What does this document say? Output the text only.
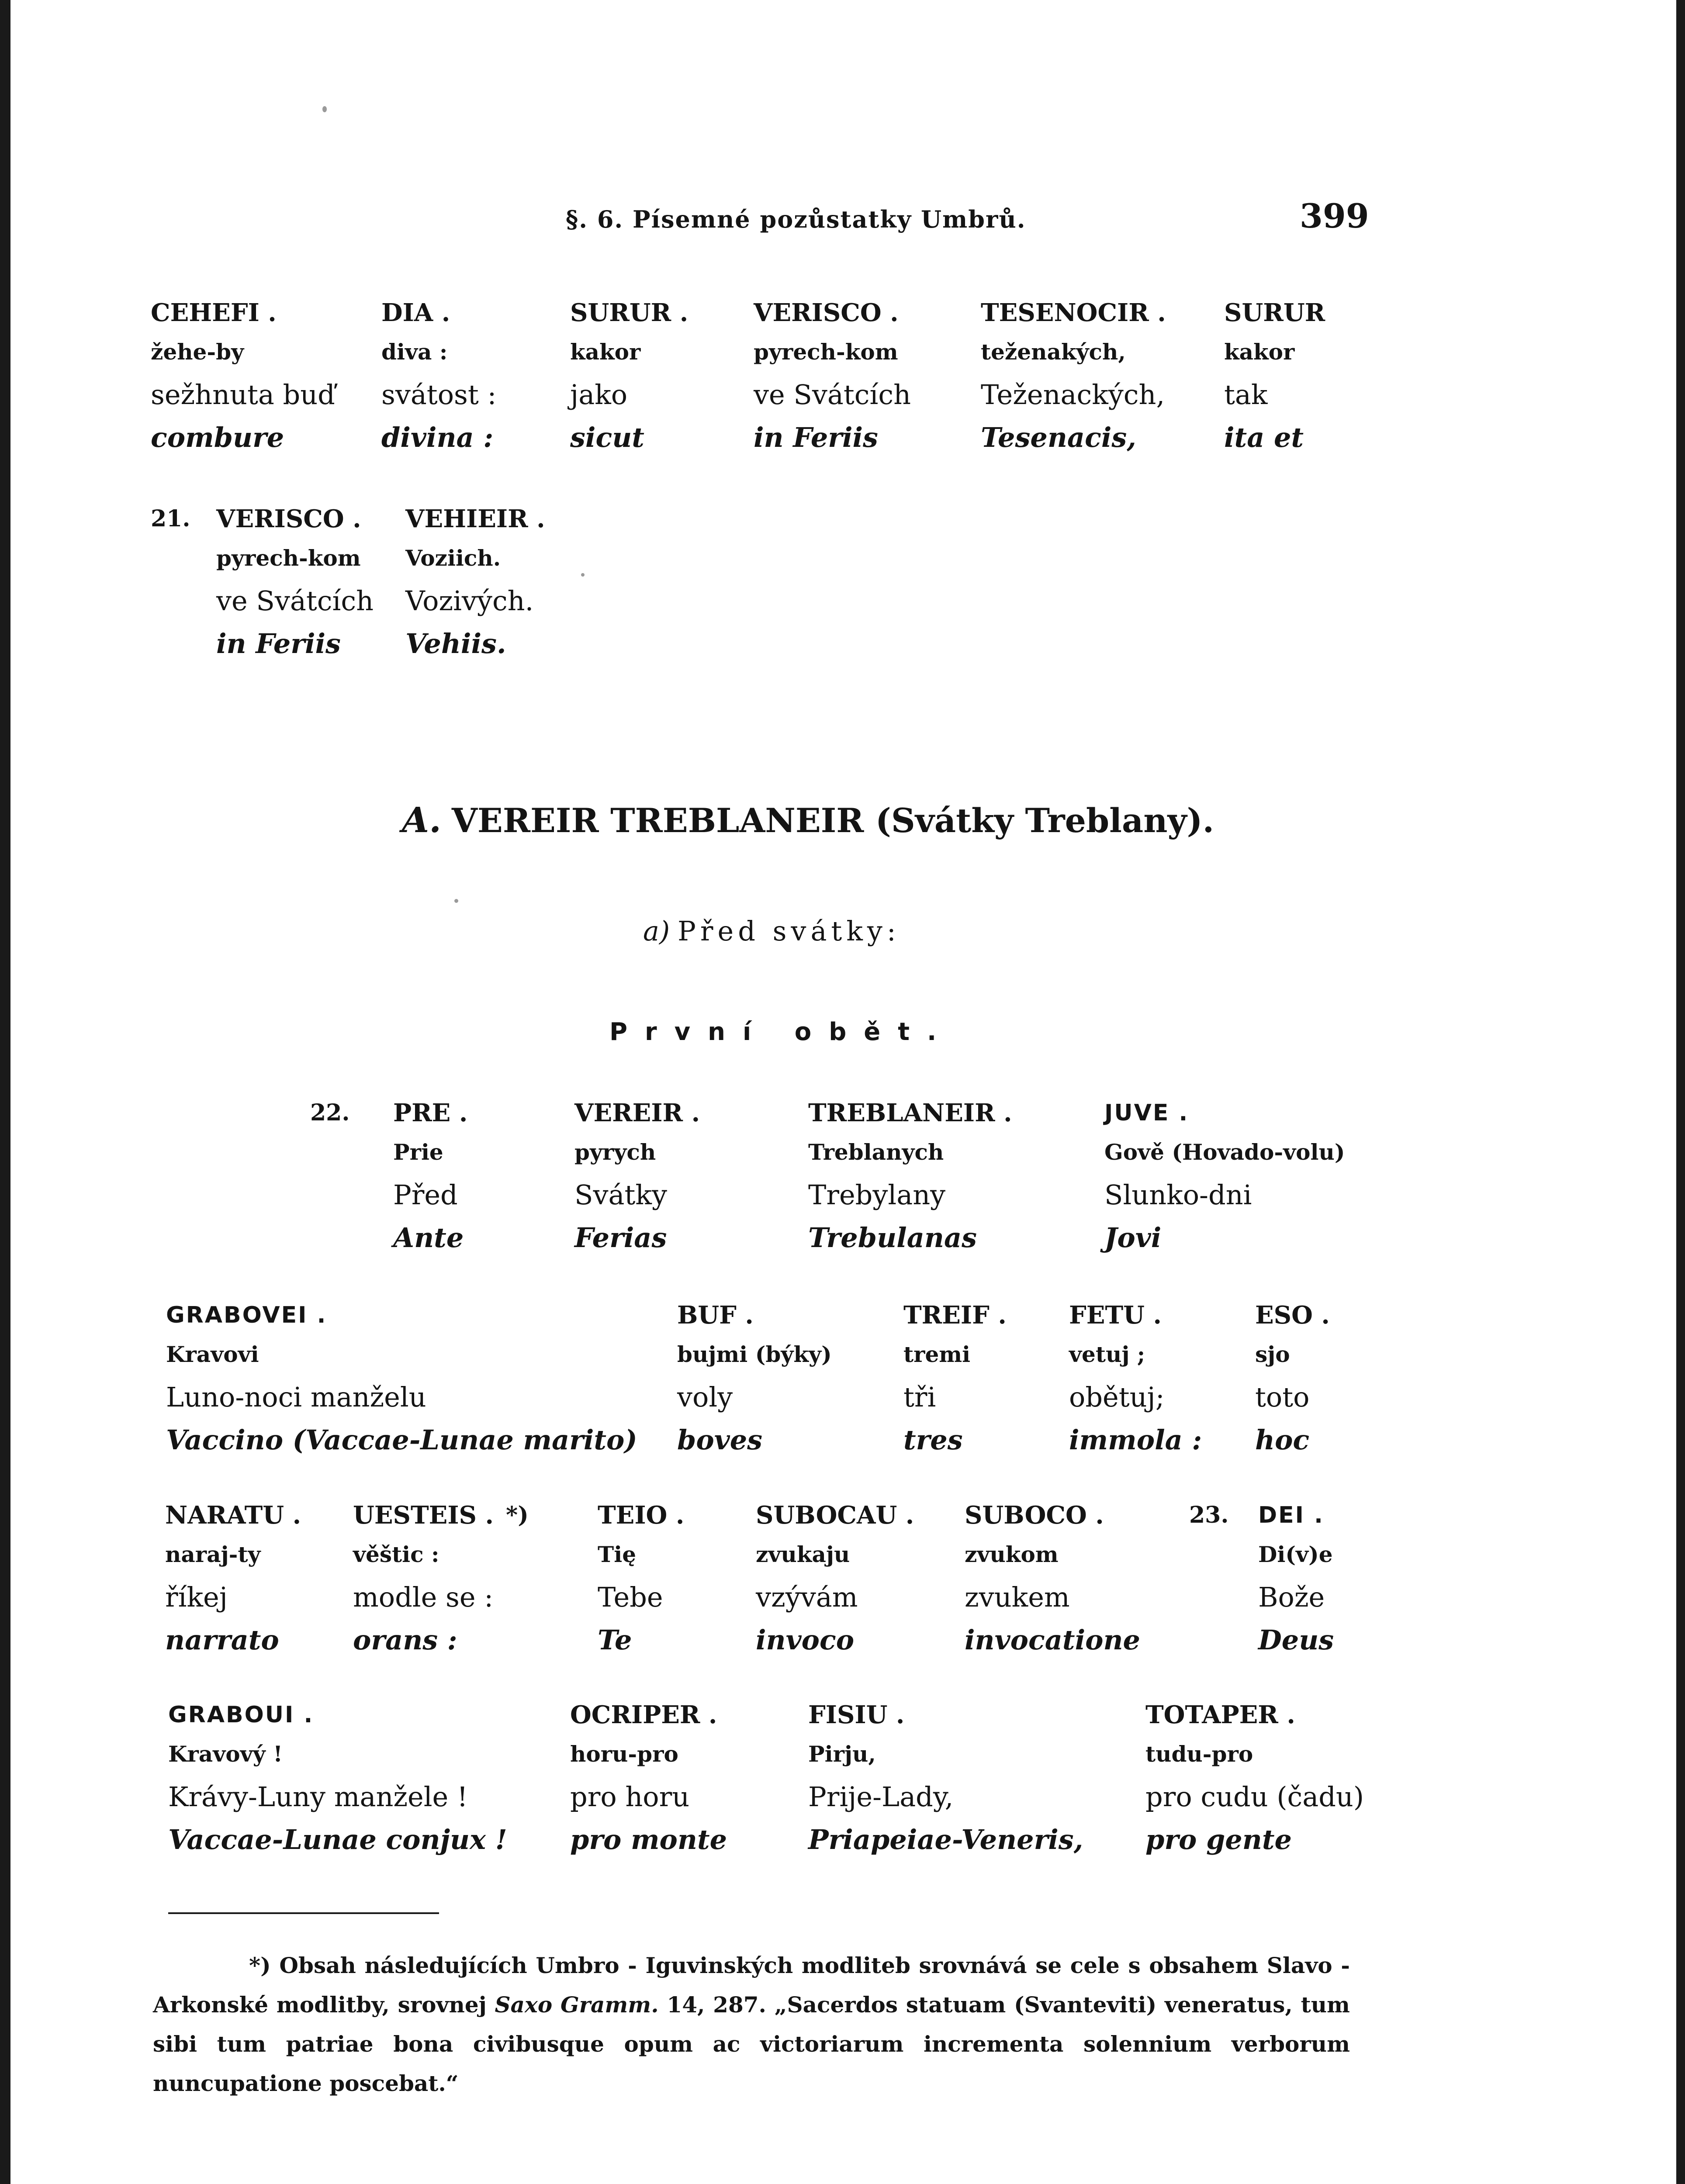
§. 6. Písemné pozůstatky Umbrů.	399
CEHEFI .
žehe-by
sežhnuta buď
combure
DIA .
diva :
svátost :
divina :
SURUR .
kakor
jako
sicut
VERISCO .
pyrech-kom
ve Svátcích
in Feriis
TESENOCIR .
teženakých,
Teženackých,
Tesenacis,
SURUR
kakor
tak
ita et
21. VERISCO .
pyrech-kom
ve Svátcích
in Feriis
VEHIEIR .
Voziich.
Vozivých.
Vehiis.
A. VEREIR TREBLANEIR (Svátky Treblany).
a) Před svátky:
První obět.
22. PRE .
Prie
Před
Ante
VEREIR .
pyrych
Svátky
Ferias
TREBLANEIR .
Treblanych
Trebylany
Trebulanas
JUVE .
Gově (Hovado-volu)
Slunko-dni
Jovi
GRABOVEI .
Kravovi
Luno-noci manželu
Vaccino (Vaccae-Lunae marito)
BUF .
bujmi (býky)
voly
boves
TREIF .
tremi
tři
tres
FETU .
vetuj ;
obětuj;
immola :
ESO .
sjo
toto
hoc
NARATU .
naraj-ty
říkej
narrato
UESTEIS .
věštic :
modle se :
orans :
*)	TEIO .
Tię
Tebe
Te
SUBOCAU .
zvukaju
vzývám
invoco
SUBOCO .
zvukom
zvukem
invocatione
23. DEI .
Di(v)e
Bože
Deus
GRABOUI .
Kravový !
Krávy-Luny manžele !
Vaccae-Lunae conjux !
OCRIPER .
horu-pro
pro horu
pro monte
FISIU .
Pirju,
Prije-Lady,
Priapeiae-Veneris,
TOTAPER .
tudu-pro
pro cudu (čadu)
pro gente
*) Obsah následujících Umbro - Iguvinských modliteb srovnává se cele s obsahem Slavo - Arkonské modlitby, srovnej Saxo Gramm. 14, 287. „Sacerdos statuam (Svanteviti) veneratus, tum sibi tum patriae bona civibusque opum ac victoriarum incrementa solennium verborum nuncupatione poscebat.“
